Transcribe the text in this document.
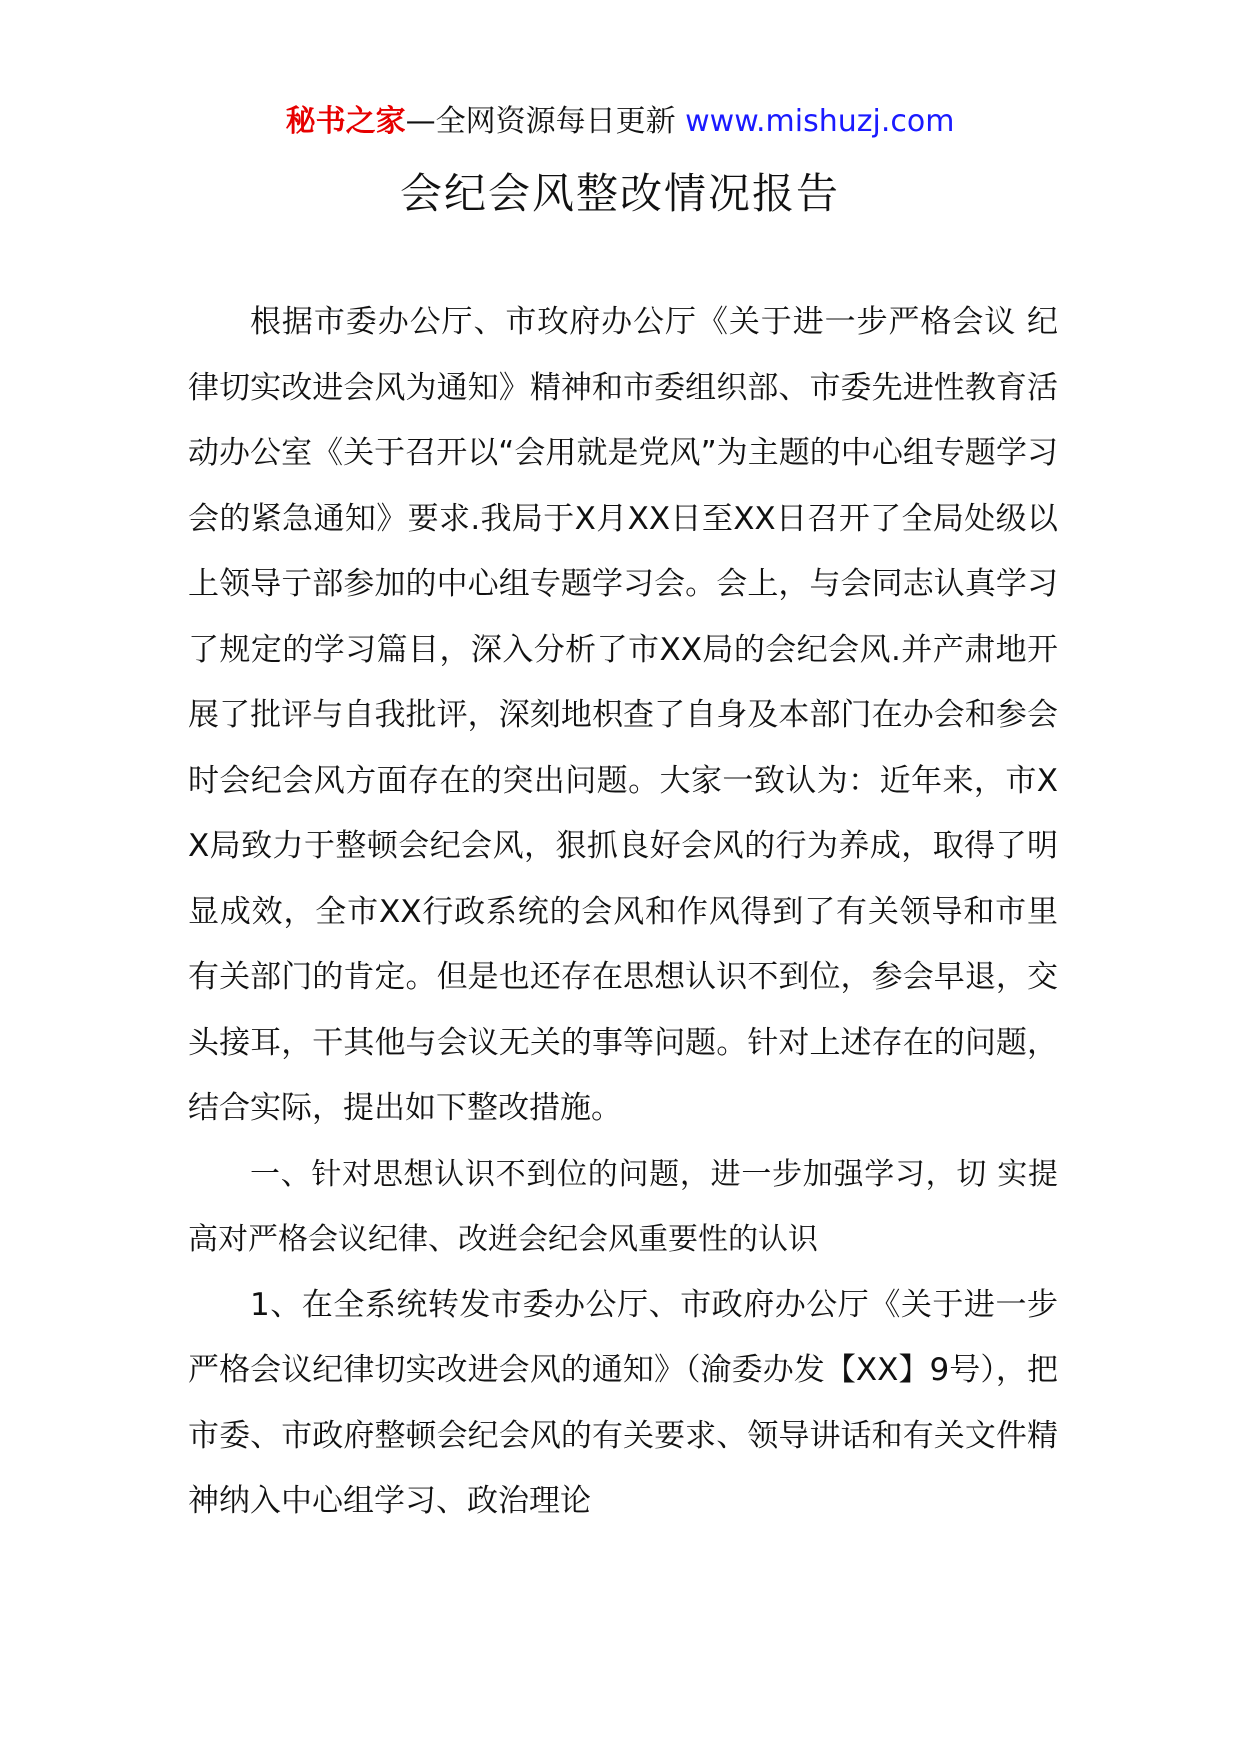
秘书之家—全网资源每日更新 www.mishuzj.com
会纪会风整改情况报告

根据市委办公厅、市玫府办公厅《关于进一步严格会议 纪律切实改进会风为通知》精神和市委组织部、市委先进性教育活动办公室《关于召开以“会用就是党风”为主题的中心组专题学习会的紧急通知》要求.我局于X月XX日至XX日召开了全局处级以上领导亍部参加的中心组专题学习会。会上，与会同志认真学习了规定的学习篇目，深入分析了市XX局的会纪会风.并产肃地开展了批评与自我批评，深刻地枳查了自身及本部门在办会和参会时会纪会风方面存在的突出问题。大家一致认为：近年来，市XX局致力于整顿会纪会风，狠抓良好会风的行为养成，取得了明显成效，全市XX行政系统的会风和作风得到了有关领导和市里有关部门的肯定。但是也还存在思想认识不到位，参会早退，交头接耳，干其他与会议无关的事等问题。针对上述存在的问题，结合实际，提出如下整改措施。

一、针对思想认识不到位的问题，进一步加强学习，切 实提高对严格会议纪律、改逬会纪会风重要性的认识

1、在全系统转发市委办公厅、市政府办公厅《关于进一步严格会议纪律切实改进会风的通知》（渝委办发【XX】9号），把市委、市政府整顿会纪会风的有关要求、领导讲话和有关文件精神纳入中心组学习、政治理论
